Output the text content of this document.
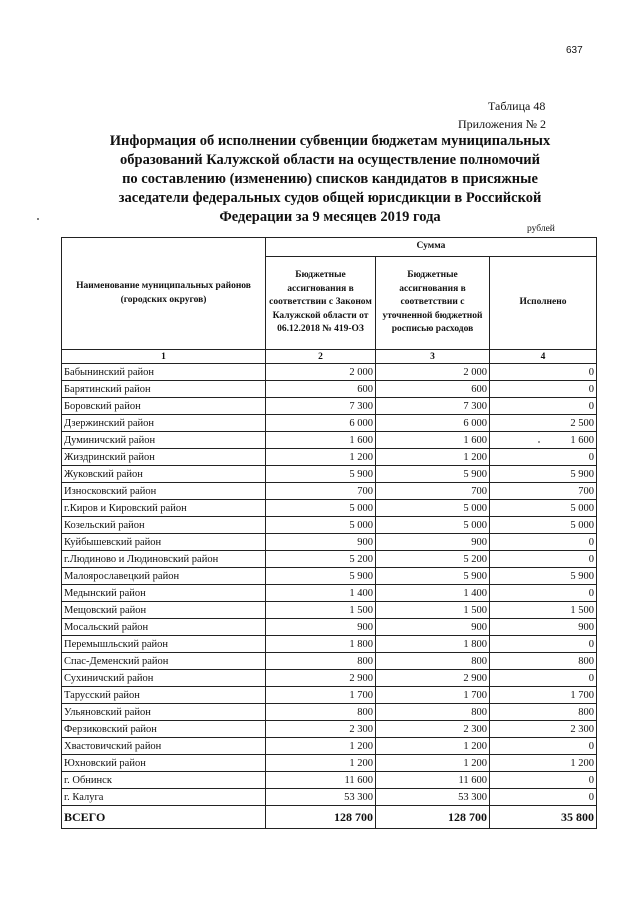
637
Таблица 48
Приложения № 2
Информация об исполнении субвенции бюджетам муниципальных
образований Калужской области на осуществление полномочий
по составлению (изменению) списков кандидатов в присяжные
заседатели федеральных судов общей юрисдикции в Российской
Федерации за 9 месяцев 2019 года
рублей
Наименование муниципальных районов (городских округов)	Сумма		
	Бюджетные ассигнования в соответствии с Законом Калужской области от 06.12.2018 № 419-ОЗ	Бюджетные ассигнования в соответствии с уточненной бюджетной росписью расходов	Исполнено
1	2	3	4
Бабынинский район	2 000	2 000	0
Барятинский район	600	600	0
Боровский район	7 300	7 300	0
Дзержинский район	6 000	6 000	2 500
Думиничский район	1 600	1 600	1 600
Жиздринский район	1 200	1 200	0
Жуковский район	5 900	5 900	5 900
Износковский район	700	700	700
г.Киров и Кировский район	5 000	5 000	5 000
Козельский район	5 000	5 000	5 000
Куйбышевский район	900	900	0
г.Людиново и Людиновский район	5 200	5 200	0
Малоярославецкий район	5 900	5 900	5 900
Медынский район	1 400	1 400	0
Мещовский район	1 500	1 500	1 500
Мосальский район	900	900	900
Перемышльский район	1 800	1 800	0
Спас-Деменский район	800	800	800
Сухиничский район	2 900	2 900	0
Тарусский район	1 700	1 700	1 700
Ульяновский район	800	800	800
Ферзиковский район	2 300	2 300	2 300
Хвастовичский район	1 200	1 200	0
Юхновский район	1 200	1 200	1 200
г. Обнинск	11 600	11 600	0
г. Калуга	53 300	53 300	0
ВСЕГО	128 700	128 700	35 800
